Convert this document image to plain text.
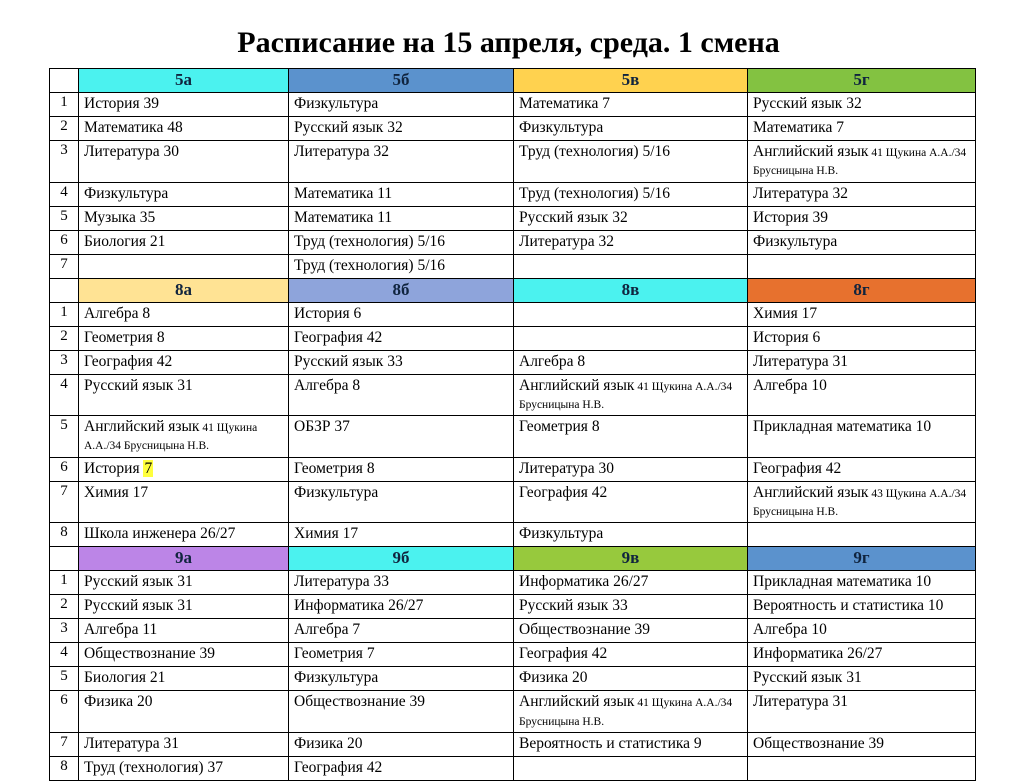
Расписание на 15 апреля, среда. 1 смена
	5а	5б	5в	5г
1	История 39	Физкультура	Математика 7	Русский язык 32
2	Математика 48	Русский язык 32	Физкультура	Математика 7
3	Литература 30	Литература 32	Труд (технология) 5/16	Английский язык 41 Щукина А.А./34 Брусницына Н.В.
4	Физкультура	Математика 11	Труд (технология) 5/16	Литература 32
5	Музыка 35	Математика 11	Русский язык 32	История 39
6	Биология 21	Труд (технология) 5/16	Литература 32	Физкультура
7		Труд (технология) 5/16		
	8а	8б	8в	8г
1	Алгебра 8	История 6		Химия 17
2	Геометрия 8	География 42		История 6
3	География 42	Русский язык 33	Алгебра 8	Литература 31
4	Русский язык 31	Алгебра 8	Английский язык 41 Щукина А.А./34 Брусницына Н.В.	Алгебра 10
5	Английский язык 41 Щукина А.А./34 Брусницына Н.В.	ОБЗР 37	Геометрия 8	Прикладная математика 10
6	История 7	Геометрия 8	Литература 30	География 42
7	Химия 17	Физкультура	География 42	Английский язык 43 Щукина А.А./34 Брусницына Н.В.
8	Школа инженера 26/27	Химия 17	Физкультура	
	9а	9б	9в	9г
1	Русский язык 31	Литература 33	Информатика 26/27	Прикладная математика 10
2	Русский язык 31	Информатика 26/27	Русский язык 33	Вероятность и статистика 10
3	Алгебра 11	Алгебра 7	Обществознание 39	Алгебра 10
4	Обществознание 39	Геометрия 7	География 42	Информатика 26/27
5	Биология 21	Физкультура	Физика 20	Русский язык 31
6	Физика 20	Обществознание 39	Английский язык 41 Щукина А.А./34 Брусницына Н.В.	Литература 31
7	Литература 31	Физика 20	Вероятность и статистика 9	Обществознание 39
8	Труд (технология) 37	География 42		
